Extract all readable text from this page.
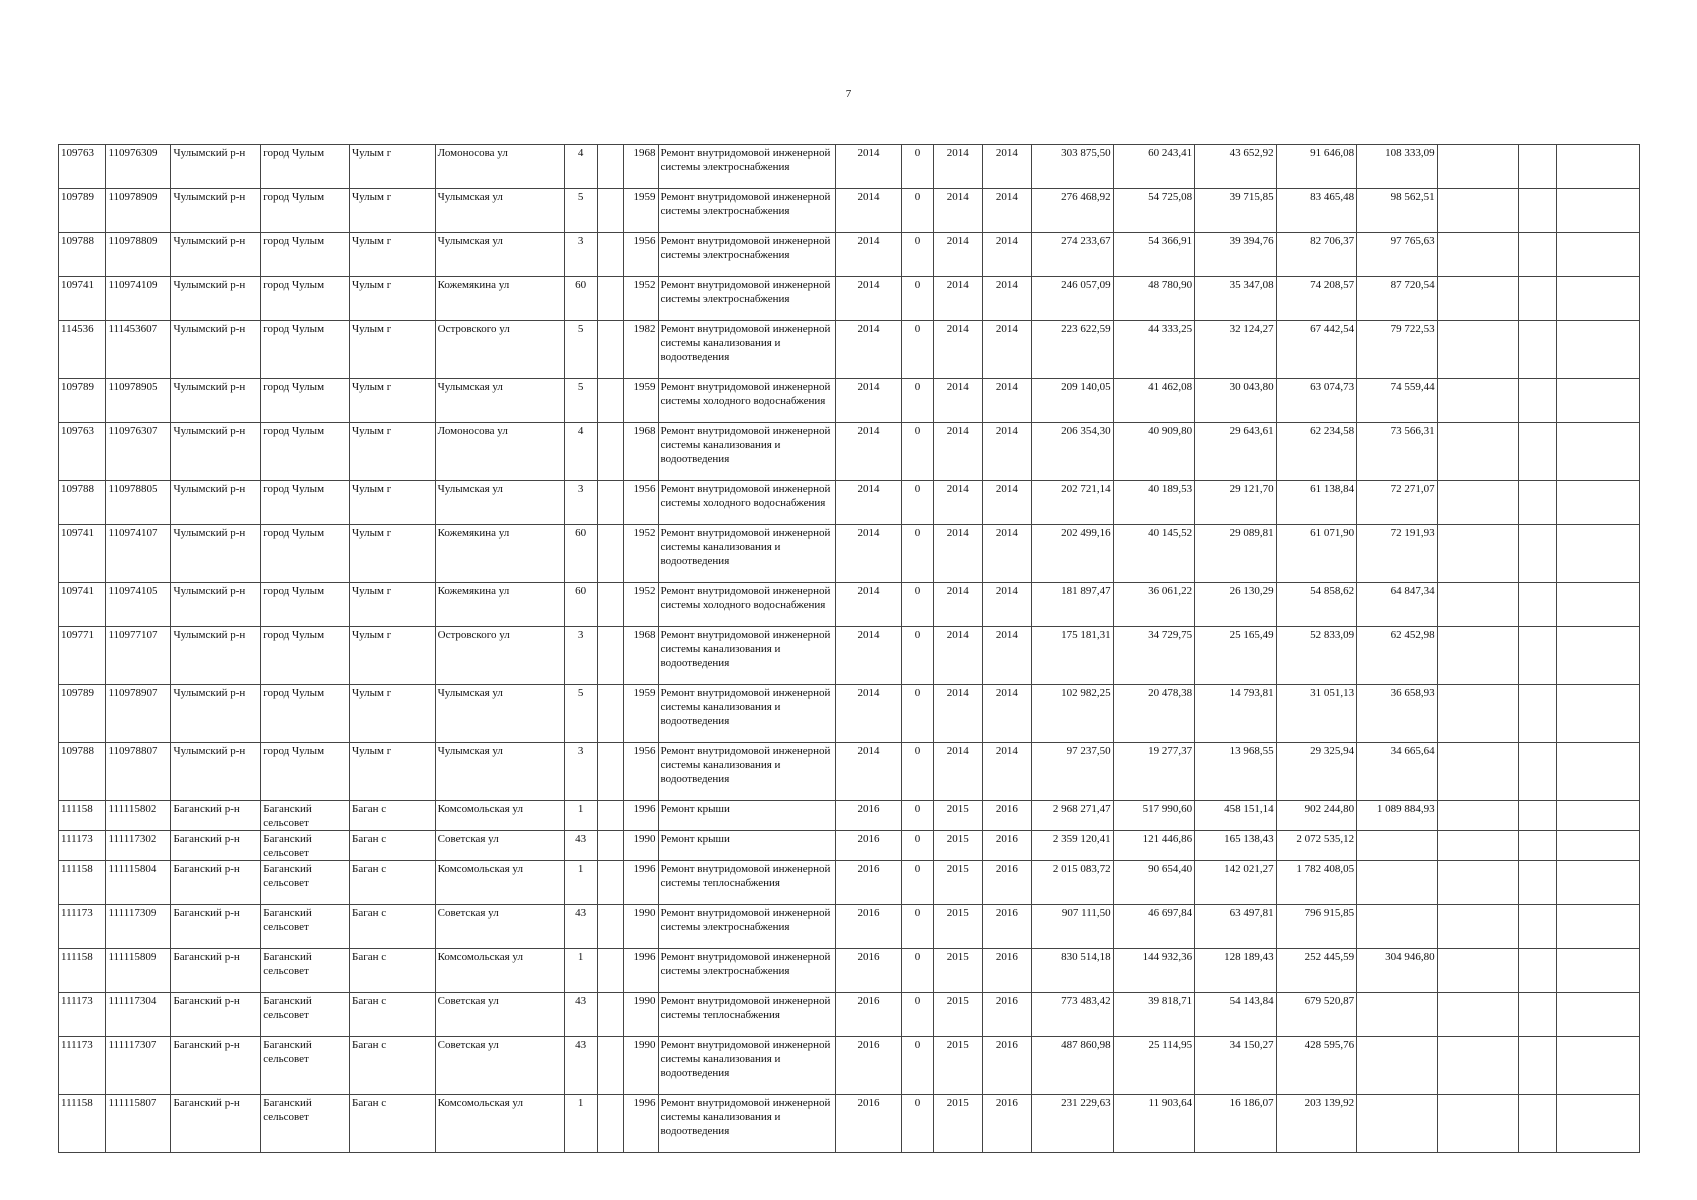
7
109763	110976309	Чулымский р-н	город Чулым	Чулым г	Ломоносова ул	4		1968	Ремонт внутридомовой инженерной системы электроснабжения	2014	0	2014	2014	303 875,50	60 243,41	43 652,92	91 646,08	108 333,09			
109789	110978909	Чулымский р-н	город Чулым	Чулым г	Чулымская ул	5		1959	Ремонт внутридомовой инженерной системы электроснабжения	2014	0	2014	2014	276 468,92	54 725,08	39 715,85	83 465,48	98 562,51			
109788	110978809	Чулымский р-н	город Чулым	Чулым г	Чулымская ул	3		1956	Ремонт внутридомовой инженерной системы электроснабжения	2014	0	2014	2014	274 233,67	54 366,91	39 394,76	82 706,37	97 765,63			
109741	110974109	Чулымский р-н	город Чулым	Чулым г	Кожемякина ул	60		1952	Ремонт внутридомовой инженерной системы электроснабжения	2014	0	2014	2014	246 057,09	48 780,90	35 347,08	74 208,57	87 720,54			
114536	111453607	Чулымский р-н	город Чулым	Чулым г	Островского ул	5		1982	Ремонт внутридомовой инженерной системы канализования и водоотведения	2014	0	2014	2014	223 622,59	44 333,25	32 124,27	67 442,54	79 722,53			
109789	110978905	Чулымский р-н	город Чулым	Чулым г	Чулымская ул	5		1959	Ремонт внутридомовой инженерной системы холодного водоснабжения	2014	0	2014	2014	209 140,05	41 462,08	30 043,80	63 074,73	74 559,44			
109763	110976307	Чулымский р-н	город Чулым	Чулым г	Ломоносова ул	4		1968	Ремонт внутридомовой инженерной системы канализования и водоотведения	2014	0	2014	2014	206 354,30	40 909,80	29 643,61	62 234,58	73 566,31			
109788	110978805	Чулымский р-н	город Чулым	Чулым г	Чулымская ул	3		1956	Ремонт внутридомовой инженерной системы холодного водоснабжения	2014	0	2014	2014	202 721,14	40 189,53	29 121,70	61 138,84	72 271,07			
109741	110974107	Чулымский р-н	город Чулым	Чулым г	Кожемякина ул	60		1952	Ремонт внутридомовой инженерной системы канализования и водоотведения	2014	0	2014	2014	202 499,16	40 145,52	29 089,81	61 071,90	72 191,93			
109741	110974105	Чулымский р-н	город Чулым	Чулым г	Кожемякина ул	60		1952	Ремонт внутридомовой инженерной системы холодного водоснабжения	2014	0	2014	2014	181 897,47	36 061,22	26 130,29	54 858,62	64 847,34			
109771	110977107	Чулымский р-н	город Чулым	Чулым г	Островского ул	3		1968	Ремонт внутридомовой инженерной системы канализования и водоотведения	2014	0	2014	2014	175 181,31	34 729,75	25 165,49	52 833,09	62 452,98			
109789	110978907	Чулымский р-н	город Чулым	Чулым г	Чулымская ул	5		1959	Ремонт внутридомовой инженерной системы канализования и водоотведения	2014	0	2014	2014	102 982,25	20 478,38	14 793,81	31 051,13	36 658,93			
109788	110978807	Чулымский р-н	город Чулым	Чулым г	Чулымская ул	3		1956	Ремонт внутридомовой инженерной системы канализования и водоотведения	2014	0	2014	2014	97 237,50	19 277,37	13 968,55	29 325,94	34 665,64			
111158	111115802	Баганский р-н	Баганский сельсовет	Баган с	Комсомольская ул	1		1996	Ремонт крыши	2016	0	2015	2016	2 968 271,47	517 990,60	458 151,14	902 244,80	1 089 884,93			
111173	111117302	Баганский р-н	Баганский сельсовет	Баган с	Советская ул	43		1990	Ремонт крыши	2016	0	2015	2016	2 359 120,41	121 446,86	165 138,43	2 072 535,12				
111158	111115804	Баганский р-н	Баганский сельсовет	Баган с	Комсомольская ул	1		1996	Ремонт внутридомовой инженерной системы теплоснабжения	2016	0	2015	2016	2 015 083,72	90 654,40	142 021,27	1 782 408,05				
111173	111117309	Баганский р-н	Баганский сельсовет	Баган с	Советская ул	43		1990	Ремонт внутридомовой инженерной системы электроснабжения	2016	0	2015	2016	907 111,50	46 697,84	63 497,81	796 915,85				
111158	111115809	Баганский р-н	Баганский сельсовет	Баган с	Комсомольская ул	1		1996	Ремонт внутридомовой инженерной системы электроснабжения	2016	0	2015	2016	830 514,18	144 932,36	128 189,43	252 445,59	304 946,80			
111173	111117304	Баганский р-н	Баганский сельсовет	Баган с	Советская ул	43		1990	Ремонт внутридомовой инженерной системы теплоснабжения	2016	0	2015	2016	773 483,42	39 818,71	54 143,84	679 520,87				
111173	111117307	Баганский р-н	Баганский сельсовет	Баган с	Советская ул	43		1990	Ремонт внутридомовой инженерной системы канализования и водоотведения	2016	0	2015	2016	487 860,98	25 114,95	34 150,27	428 595,76				
111158	111115807	Баганский р-н	Баганский сельсовет	Баган с	Комсомольская ул	1		1996	Ремонт внутридомовой инженерной системы канализования и водоотведения	2016	0	2015	2016	231 229,63	11 903,64	16 186,07	203 139,92				
